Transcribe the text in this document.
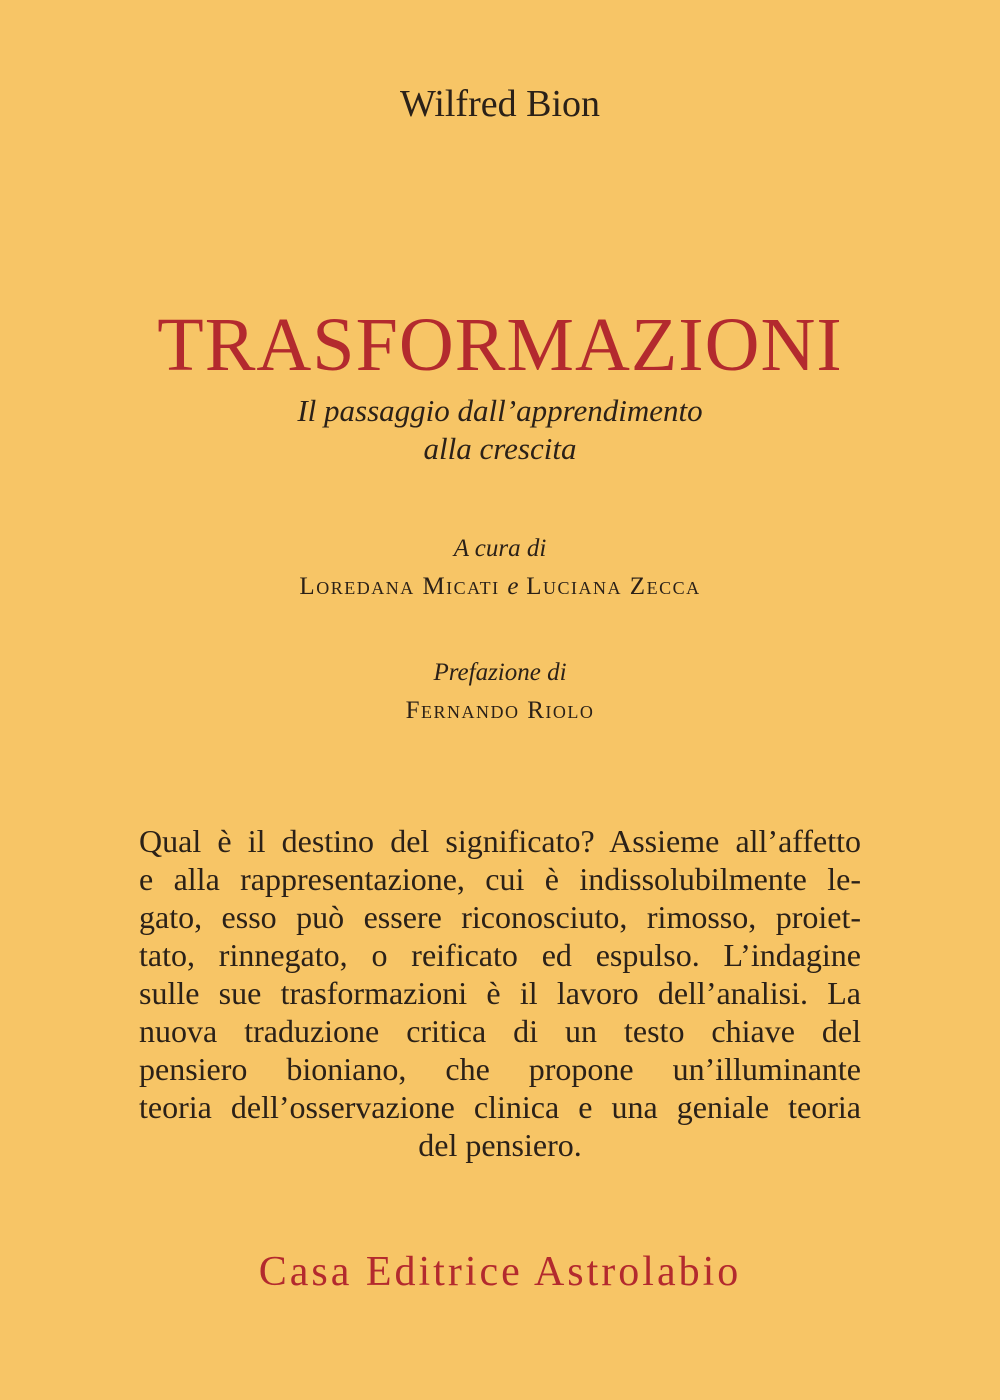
Wilfred Bion
TRASFORMAZIONI
Il passaggio dall’apprendimento
alla crescita
A cura di
Loredana Micati e Luciana Zecca
Prefazione di
Fernando Riolo
Qual è il destino del significato? Assieme all’affetto
e alla rappresentazione, cui è indissolubilmente le-
gato, esso può essere riconosciuto, rimosso, proiet-
tato, rinnegato, o reificato ed espulso. L’indagine
sulle sue trasformazioni è il lavoro dell’analisi. La
nuova traduzione critica di un testo chiave del
pensiero bioniano, che propone un’illuminante
teoria dell’osservazione clinica e una geniale teoria
del pensiero.
Casa Editrice Astrolabio
